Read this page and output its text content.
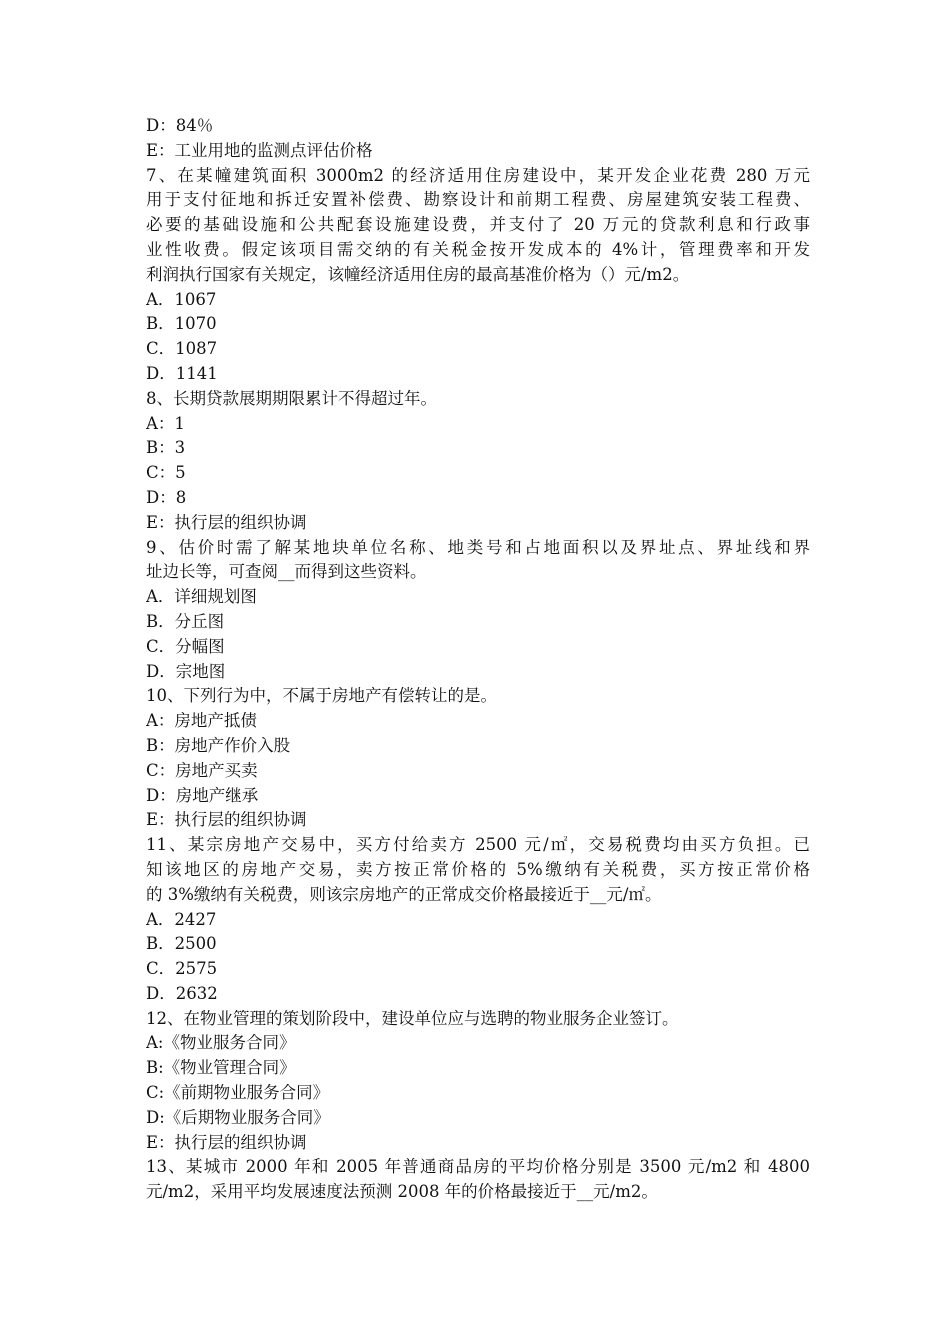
D：84％
E：工业用地的监测点评估价格
7、在某幢建筑面积 3000m2 的经济适用住房建设中，某开发企业花费 280 万元
用于支付征地和拆迁安置补偿费、勘察设计和前期工程费、房屋建筑安装工程费、
必要的基础设施和公共配套设施建设费，并支付了 20 万元的贷款利息和行政事
业性收费。假定该项目需交纳的有关税金按开发成本的 4%计，管理费率和开发
利润执行国家有关规定，该幢经济适用住房的最高基准价格为（）元/m2。
A．1067
B．1070
C．1087
D．1141
8、长期贷款展期期限累计不得超过年。
A：1
B：3
C：5
D：8
E：执行层的组织协调
9、估价时需了解某地块单位名称、地类号和占地面积以及界址点、界址线和界
址边长等，可查阅__而得到这些资料。
A．详细规划图
B．分丘图
C．分幅图
D．宗地图
10、下列行为中，不属于房地产有偿转让的是。
A：房地产抵债
B：房地产作价入股
C：房地产买卖
D：房地产继承
E：执行层的组织协调
11、某宗房地产交易中，买方付给卖方 2500 元/㎡，交易税费均由买方负担。已
知该地区的房地产交易，卖方按正常价格的 5%缴纳有关税费，买方按正常价格
的 3%缴纳有关税费，则该宗房地产的正常成交价格最接近于__元/㎡。
A．2427
B．2500
C．2575
D．2632
12、在物业管理的策划阶段中，建设单位应与选聘的物业服务企业签订。
A:《物业服务合同》
B:《物业管理合同》
C:《前期物业服务合同》
D:《后期物业服务合同》
E：执行层的组织协调
13、某城市 2000 年和 2005 年普通商品房的平均价格分别是 3500 元/m2 和 4800
元/m2，采用平均发展速度法预测 2008 年的价格最接近于__元/m2。
